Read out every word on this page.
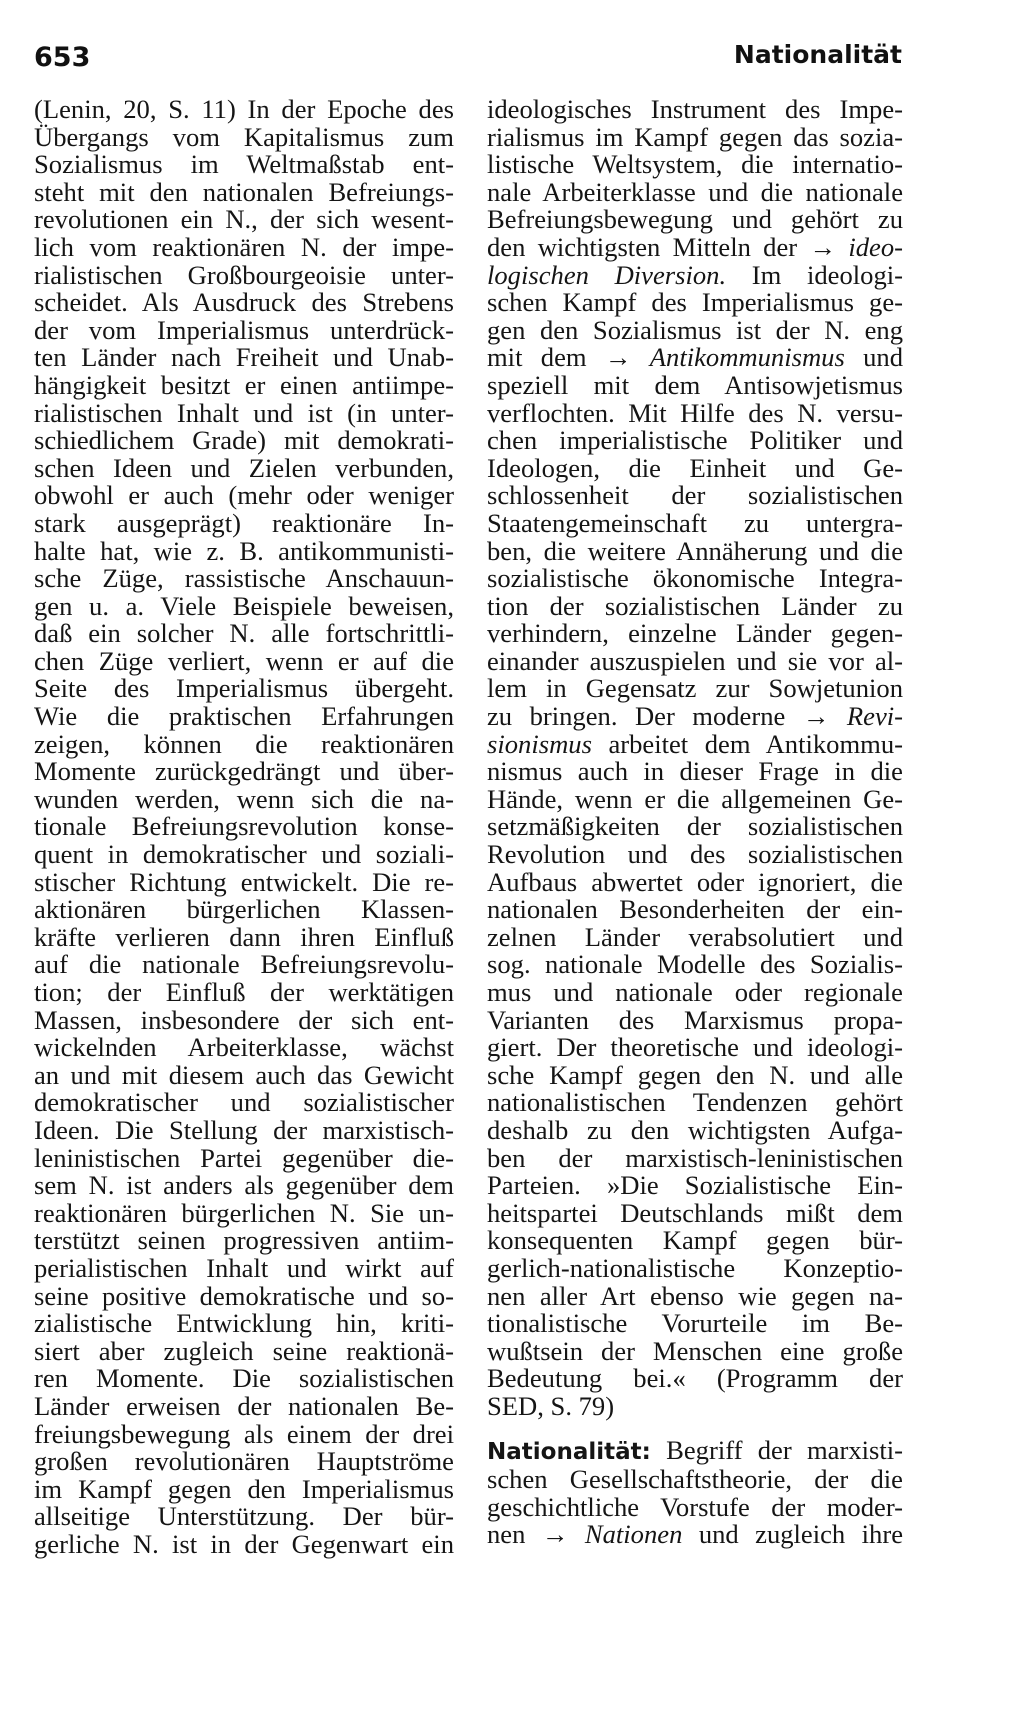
653	Nationalität
(Lenin, 20, S. 11) In der Epoche des
Übergangs vom Kapitalismus zum
Sozialismus im Weltmaßstab ent-
steht mit den nationalen Befreiungs-
revolutionen ein N., der sich wesent-
lich vom reaktionären N. der impe-
rialistischen Großbourgeoisie unter-
scheidet. Als Ausdruck des Strebens
der vom Imperialismus unterdrück-
ten Länder nach Freiheit und Unab-
hängigkeit besitzt er einen antiimpe-
rialistischen Inhalt und ist (in unter-
schiedlichem Grade) mit demokrati-
schen Ideen und Zielen verbunden,
obwohl er auch (mehr oder weniger
stark ausgeprägt) reaktionäre In-
halte hat, wie z. B. antikommunisti-
sche Züge, rassistische Anschauun-
gen u. a. Viele Beispiele beweisen,
daß ein solcher N. alle fortschrittli-
chen Züge verliert, wenn er auf die
Seite des Imperialismus übergeht.
Wie die praktischen Erfahrungen
zeigen, können die reaktionären
Momente zurückgedrängt und über-
wunden werden, wenn sich die na-
tionale Befreiungsrevolution konse-
quent in demokratischer und soziali-
stischer Richtung entwickelt. Die re-
aktionären bürgerlichen Klassen-
kräfte verlieren dann ihren Einfluß
auf die nationale Befreiungsrevolu-
tion; der Einfluß der werktätigen
Massen, insbesondere der sich ent-
wickelnden Arbeiterklasse, wächst
an und mit diesem auch das Gewicht
demokratischer und sozialistischer
Ideen. Die Stellung der marxistisch-
leninistischen Partei gegenüber die-
sem N. ist anders als gegenüber dem
reaktionären bürgerlichen N. Sie un-
terstützt seinen progressiven antiim-
perialistischen Inhalt und wirkt auf
seine positive demokratische und so-
zialistische Entwicklung hin, kriti-
siert aber zugleich seine reaktionä-
ren Momente. Die sozialistischen
Länder erweisen der nationalen Be-
freiungsbewegung als einem der drei
großen revolutionären Hauptströme
im Kampf gegen den Imperialismus
allseitige Unterstützung. Der bür-
gerliche N. ist in der Gegenwart ein
ideologisches Instrument des Impe-
rialismus im Kampf gegen das sozia-
listische Weltsystem, die internatio-
nale Arbeiterklasse und die nationale
Befreiungsbewegung und gehört zu
den wichtigsten Mitteln der → ideo-
logischen Diversion. Im ideologi-
schen Kampf des Imperialismus ge-
gen den Sozialismus ist der N. eng
mit dem → Antikommunismus und
speziell mit dem Antisowjetismus
verflochten. Mit Hilfe des N. versu-
chen imperialistische Politiker und
Ideologen, die Einheit und Ge-
schlossenheit der sozialistischen
Staatengemeinschaft zu untergra-
ben, die weitere Annäherung und die
sozialistische ökonomische Integra-
tion der sozialistischen Länder zu
verhindern, einzelne Länder gegen-
einander auszuspielen und sie vor al-
lem in Gegensatz zur Sowjetunion
zu bringen. Der moderne → Revi-
sionismus arbeitet dem Antikommu-
nismus auch in dieser Frage in die
Hände, wenn er die allgemeinen Ge-
setzmäßigkeiten der sozialistischen
Revolution und des sozialistischen
Aufbaus abwertet oder ignoriert, die
nationalen Besonderheiten der ein-
zelnen Länder verabsolutiert und
sog. nationale Modelle des Sozialis-
mus und nationale oder regionale
Varianten des Marxismus propa-
giert. Der theoretische und ideologi-
sche Kampf gegen den N. und alle
nationalistischen Tendenzen gehört
deshalb zu den wichtigsten Aufga-
ben der marxistisch-leninistischen
Parteien. »Die Sozialistische Ein-
heitspartei Deutschlands mißt dem
konsequenten Kampf gegen bür-
gerlich-nationalistische Konzeptio-
nen aller Art ebenso wie gegen na-
tionalistische Vorurteile im Be-
wußtsein der Menschen eine große
Bedeutung bei.« (Programm der
SED, S. 79)
Nationalität: Begriff der marxisti-
schen Gesellschaftstheorie, der die
geschichtliche Vorstufe der moder-
nen → Nationen und zugleich ihre
